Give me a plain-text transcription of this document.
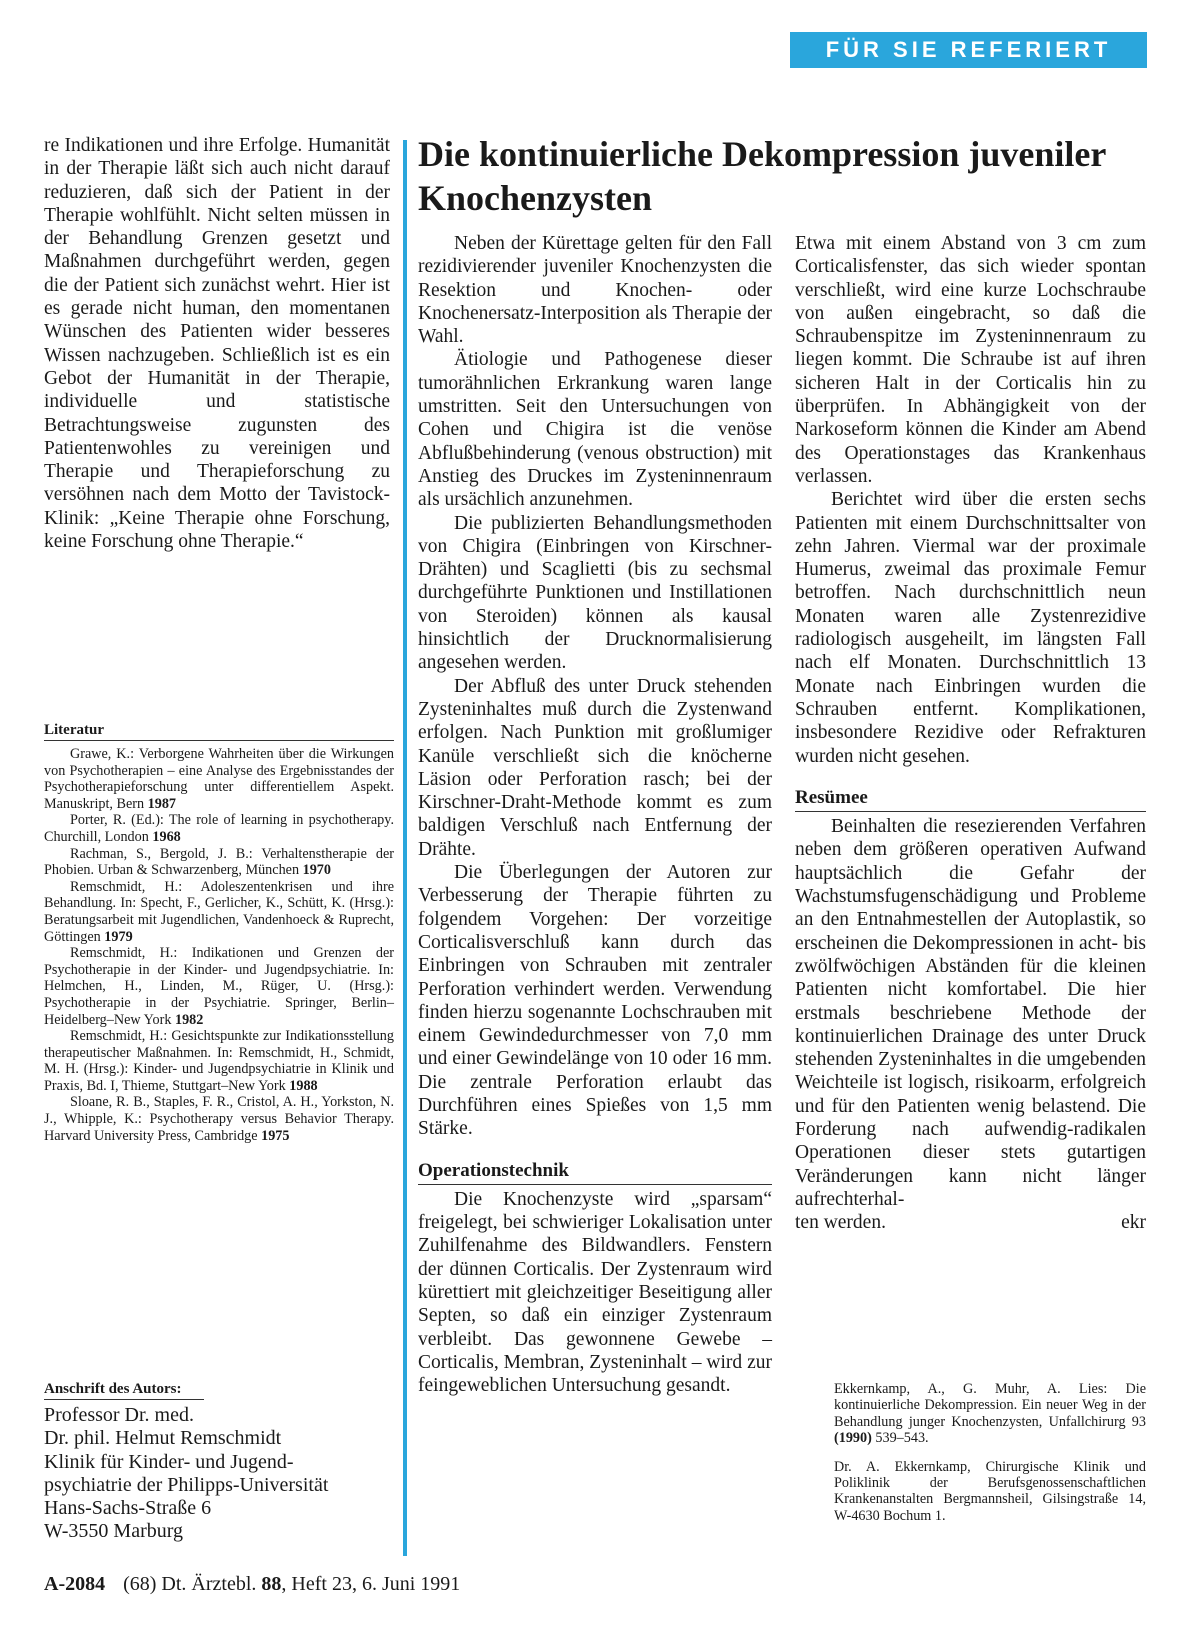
FÜR SIE REFERIERT

re Indikationen und ihre Erfolge. Humanität in der Therapie läßt sich auch nicht darauf reduzieren, daß sich der Patient in der Therapie wohlfühlt. Nicht selten müssen in der Behandlung Grenzen gesetzt und Maßnahmen durchgeführt werden, gegen die der Patient sich zunächst wehrt. Hier ist es gerade nicht human, den momentanen Wünschen des Patienten wider besseres Wissen nachzugeben. Schließlich ist es ein Gebot der Humanität in der Therapie, individuelle und statistische Betrachtungsweise zugunsten des Patientenwohles zu vereinigen und Therapie und Therapieforschung zu versöhnen nach dem Motto der Tavistock-Klinik: „Keine Therapie ohne Forschung, keine Forschung ohne Therapie.“

Literatur

Grawe, K.: Verborgene Wahrheiten über die Wirkungen von Psychotherapien – eine Analyse des Ergebnisstandes der Psychotherapieforschung unter differentiellem Aspekt. Manuskript, Bern 1987

Porter, R. (Ed.): The role of learning in psychotherapy. Churchill, London 1968

Rachman, S., Bergold, J. B.: Verhaltenstherapie der Phobien. Urban & Schwarzenberg, München 1970

Remschmidt, H.: Adoleszentenkrisen und ihre Behandlung. In: Specht, F., Gerlicher, K., Schütt, K. (Hrsg.): Beratungsarbeit mit Jugendlichen, Vandenhoeck & Ruprecht, Göttingen 1979

Remschmidt, H.: Indikationen und Grenzen der Psychotherapie in der Kinder- und Jugendpsychiatrie. In: Helmchen, H., Linden, M., Rüger, U. (Hrsg.): Psychotherapie in der Psychiatrie. Springer, Berlin–Heidelberg–New York 1982

Remschmidt, H.: Gesichtspunkte zur Indikationsstellung therapeutischer Maßnahmen. In: Remschmidt, H., Schmidt, M. H. (Hrsg.): Kinder- und Jugendpsychiatrie in Klinik und Praxis, Bd. I, Thieme, Stuttgart–New York 1988

Sloane, R. B., Staples, F. R., Cristol, A. H., Yorkston, N. J., Whipple, K.: Psychotherapy versus Behavior Therapy. Harvard University Press, Cambridge 1975

Anschrift des Autors:
Professor Dr. med.
Dr. phil. Helmut Remschmidt
Klinik für Kinder- und Jugend-
psychiatrie der Philipps-Universität
Hans-Sachs-Straße 6
W-3550 Marburg
Die kontinuierliche Dekompression juveniler Knochenzysten

Neben der Kürettage gelten für den Fall rezidivierender juveniler Knochenzysten die Resektion und Knochen- oder Knochenersatz-Interposition als Therapie der Wahl.

Ätiologie und Pathogenese dieser tumorähnlichen Erkrankung waren lange umstritten. Seit den Untersuchungen von Cohen und Chigira ist die venöse Abflußbehinderung (venous obstruction) mit Anstieg des Druckes im Zysteninnenraum als ursächlich anzunehmen.

Die publizierten Behandlungsmethoden von Chigira (Einbringen von Kirschner-Drähten) und Scaglietti (bis zu sechsmal durchgeführte Punktionen und Instillationen von Steroiden) können als kausal hinsichtlich der Drucknormalisierung angesehen werden.

Der Abfluß des unter Druck stehenden Zysteninhaltes muß durch die Zystenwand erfolgen. Nach Punktion mit großlumiger Kanüle verschließt sich die knöcherne Läsion oder Perforation rasch; bei der Kirschner-Draht-Methode kommt es zum baldigen Verschluß nach Entfernung der Drähte.

Die Überlegungen der Autoren zur Verbesserung der Therapie führten zu folgendem Vorgehen: Der vorzeitige Corticalisverschluß kann durch das Einbringen von Schrauben mit zentraler Perforation verhindert werden. Verwendung finden hierzu sogenannte Lochschrauben mit einem Gewindedurchmesser von 7,0 mm und einer Gewindelänge von 10 oder 16 mm. Die zentrale Perforation erlaubt das Durchführen eines Spießes von 1,5 mm Stärke.

Operationstechnik

Die Knochenzyste wird „sparsam“ freigelegt, bei schwieriger Lokalisation unter Zuhilfenahme des Bildwandlers. Fenstern der dünnen Corticalis. Der Zystenraum wird kürettiert mit gleichzeitiger Beseitigung aller Septen, so daß ein einziger Zystenraum verbleibt. Das gewonnene Gewebe – Corticalis, Membran, Zysteninhalt – wird zur feingeweblichen Untersuchung gesandt.

Etwa mit einem Abstand von 3 cm zum Corticalisfenster, das sich wieder spontan verschließt, wird eine kurze Lochschraube von außen eingebracht, so daß die Schraubenspitze im Zysteninnenraum zu liegen kommt. Die Schraube ist auf ihren sicheren Halt in der Corticalis hin zu überprüfen. In Abhängigkeit von der Narkoseform können die Kinder am Abend des Operationstages das Krankenhaus verlassen.

Berichtet wird über die ersten sechs Patienten mit einem Durchschnittsalter von zehn Jahren. Viermal war der proximale Humerus, zweimal das proximale Femur betroffen. Nach durchschnittlich neun Monaten waren alle Zystenrezidive radiologisch ausgeheilt, im längsten Fall nach elf Monaten. Durchschnittlich 13 Monate nach Einbringen wurden die Schrauben entfernt. Komplikationen, insbesondere Rezidive oder Refrakturen wurden nicht gesehen.

Resümee

Beinhalten die resezierenden Verfahren neben dem größeren operativen Aufwand hauptsächlich die Gefahr der Wachstumsfugenschädigung und Probleme an den Entnahmestellen der Autoplastik, so erscheinen die Dekompressionen in acht- bis zwölfwöchigen Abständen für die kleinen Patienten nicht komfortabel. Die hier erstmals beschriebene Methode der kontinuierlichen Drainage des unter Druck stehenden Zysteninhaltes in die umgebenden Weichteile ist logisch, risikoarm, erfolgreich und für den Patienten wenig belastend. Die Forderung nach aufwendig-radikalen Operationen dieser stets gutartigen Veränderungen kann nicht länger aufrechterhal-

ten werden.	ekr

Ekkernkamp, A., G. Muhr, A. Lies: Die kontinuierliche Dekompression. Ein neuer Weg in der Behandlung junger Knochenzysten, Unfallchirurg 93 (1990) 539–543.

Dr. A. Ekkernkamp, Chirurgische Klinik und Poliklinik der Berufsgenossenschaftlichen Krankenanstalten Bergmannsheil, Gilsingstraße 14, W-4630 Bochum 1.

A-2084 (68) Dt. Ärztebl. 88, Heft 23, 6. Juni 1991
